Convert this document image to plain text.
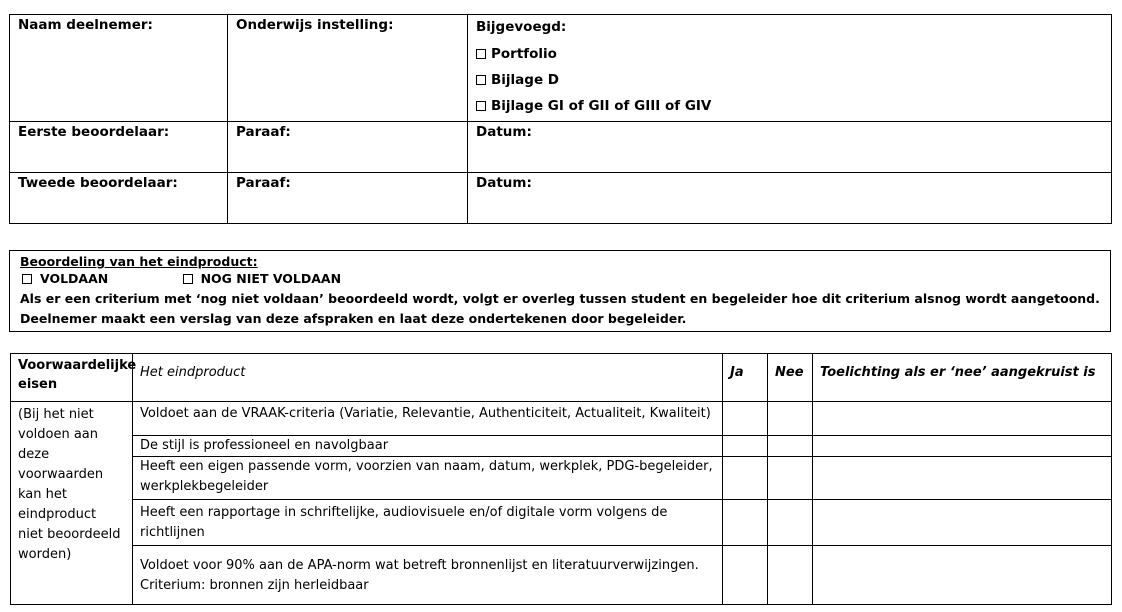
Naam deelnemer:	Onderwijs instelling:	Bijgevoegd:
Portfolio
Bijlage D
Bijlage GI of GII of GIII of GIV

Eerste beoordelaar:	Paraaf:	Datum:
Tweede beoordelaar:	Paraaf:	Datum:
Beoordeling van het eindproduct:
VOLDAAN	NOG NIET VOLDAAN
Als er een criterium met ‘nog niet voldaan’ beoordeeld wordt, volgt er overleg tussen student en begeleider hoe dit criterium alsnog wordt aangetoond.
Deelnemer maakt een verslag van deze afspraken en laat deze ondertekenen door begeleider.
Voorwaardelijke eisen	Het eindproduct	Ja	Nee	Toelichting als er ‘nee’ aangekruist is
(Bij het niet voldoen aan deze voorwaarden kan het eindproduct niet beoordeeld worden)	Voldoet aan de VRAAK-criteria (Variatie, Relevantie, Authenticiteit, Actualiteit, Kwaliteit)			
	De stijl is professioneel en navolgbaar			
	Heeft een eigen passende vorm, voorzien van naam, datum, werkplek, PDG-begeleider, werkplekbegeleider			
	Heeft een rapportage in schriftelijke, audiovisuele en/of digitale vorm volgens de richtlijnen			
	Voldoet voor 90% aan de APA-norm wat betreft bronnenlijst en literatuurverwijzingen. Criterium: bronnen zijn herleidbaar			
